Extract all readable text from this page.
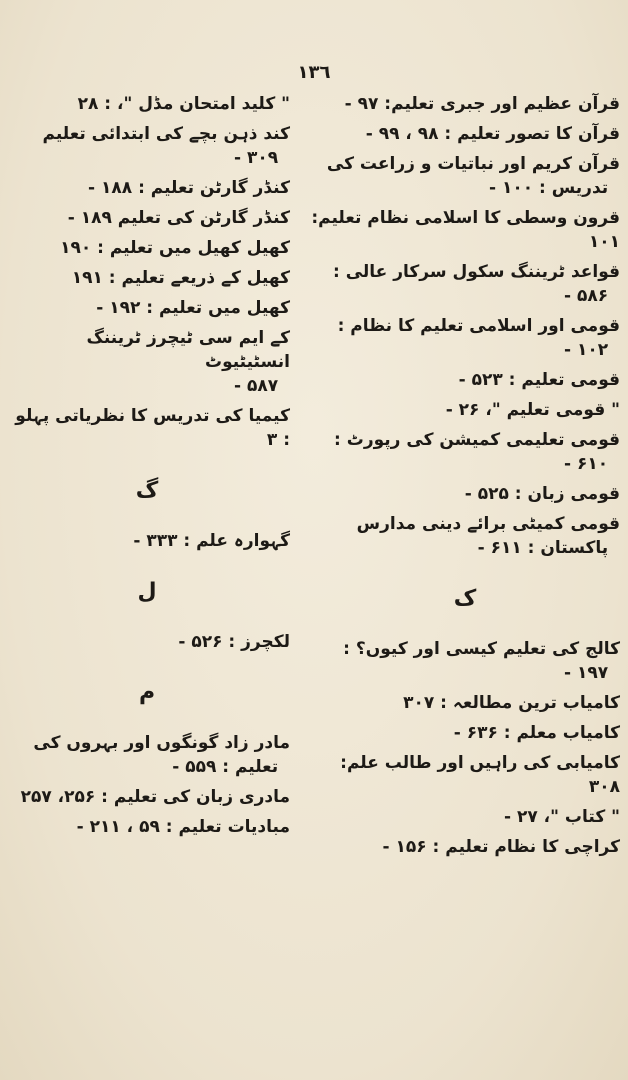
١٣٦
قرآن عظیم اور جبری تعلیم: ۹۷ -
قرآن کا تصور تعلیم : ۹۸ ، ۹۹ -
قرآن کریم اور نباتیات و زراعت کی
تدریس : ۱۰۰ -
قرون وسطی کا اسلامی نظام تعلیم: ۱۰۱
قواعد ٹریننگ سکول سرکار عالی :
۵۸۶ -
قومی اور اسلامی تعلیم کا نظام :
۱۰۲ -
قومی تعلیم : ۵۲۳ -
" قومی تعلیم "، ۲۶ -
قومی تعلیمی کمیشن کی رپورٹ :
۶۱۰ -
قومی زبان : ۵۲۵ -
قومی کمیٹی برائے دینی مدارس
پاکستان : ۶۱۱ -
ک
کالج کی تعلیم کیسی اور کیوں؟ :
۱۹۷ -
کامیاب ترین مطالعہ : ۳۰۷
کامیاب معلم : ۶۳۶ -
کامیابی کی راہیں اور طالب علم: ۳۰۸
" کتاب "، ۲۷ -
کراچی کا نظام تعلیم : ۱۵۶ -
" کلید امتحان مڈل "، : ۲۸
کند ذہن بچے کی ابتدائی تعلیم
۳۰۹ -
کنڈر گارٹن تعلیم : ۱۸۸ -
کنڈر گارٹن کی تعلیم ۱۸۹ -
کھیل کھیل میں تعلیم : ۱۹۰
کھیل کے ذریعے تعلیم : ۱۹۱
کھیل میں تعلیم : ۱۹۲ -
کے ایم سی ٹیچرز ٹریننگ انسٹیٹیوٹ
۵۸۷ -
کیمیا کی تدریس کا نظریاتی پہلو : ۳
گ
گہوارہ علم : ۳۳۳ -
ل
لکچرز : ۵۲۶ -
م
مادر زاد گونگوں اور بہروں کی
تعلیم : ۵۵۹ -
مادری زبان کی تعلیم : ۲۵۶، ۲۵۷
مبادیات تعلیم : ۵۹ ، ۲۱۱ -
